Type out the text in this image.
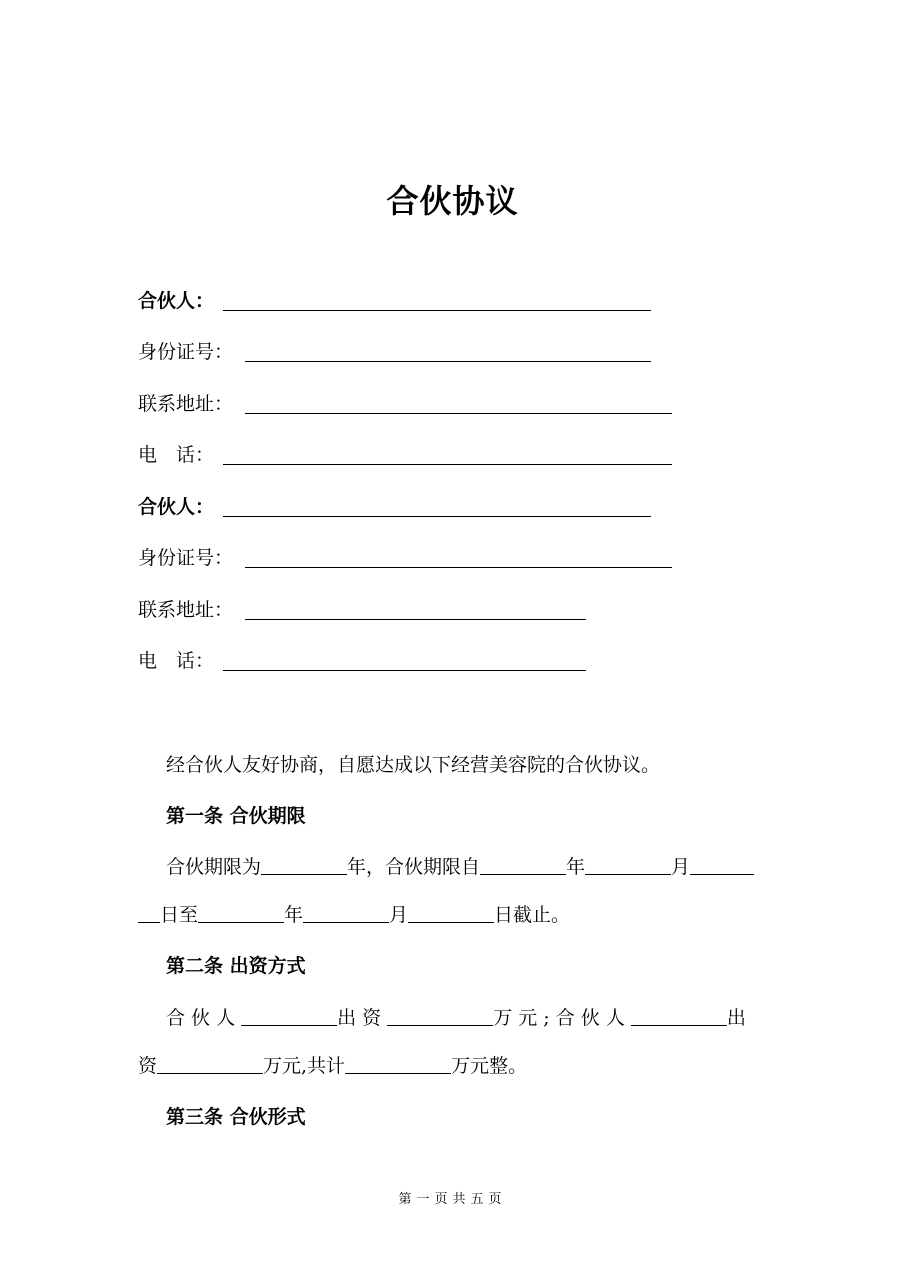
合伙协议
合伙人：
身份证号：
联系地址：
电　话：
合伙人：
身份证号：
联系地址：
电　话：
经合伙人友好协商，自愿达成以下经营美容院的合伙协议。
第一条 合伙期限
合伙期限为	年，合伙期限自	年	月
日至	年	月	日截止。
第二条 出资方式
合 伙 人	出 资	万 元 ; 合 伙 人	出
资	万元,共计	万元整。
第三条 合伙形式
第一页共五页
